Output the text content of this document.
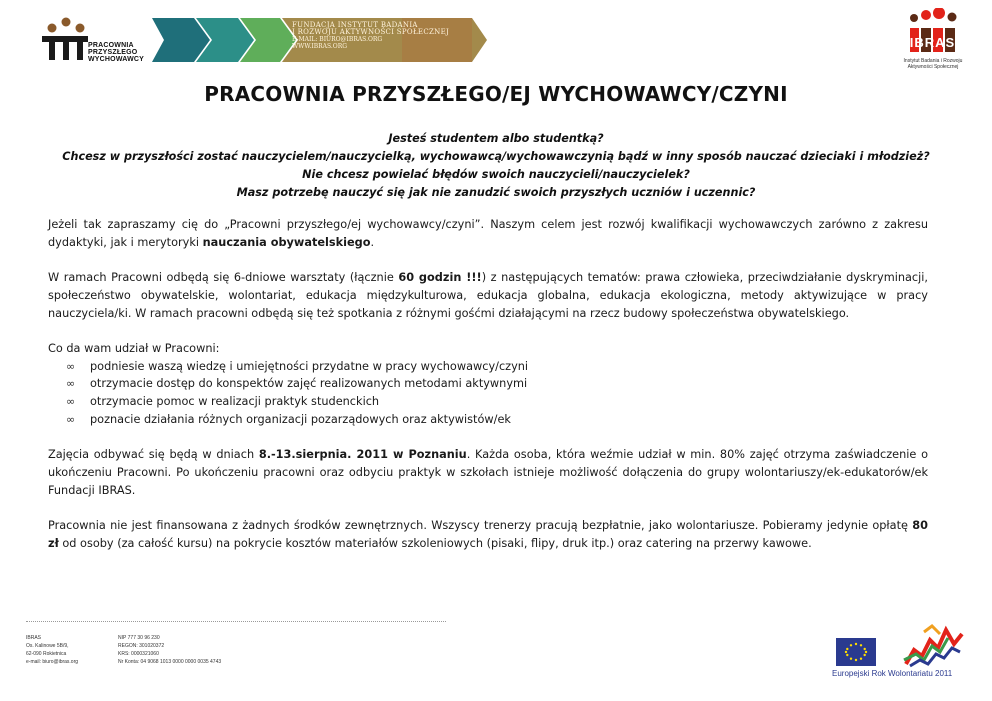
PRACOWNIA
PRZYSZŁEGO
WYCHOWAWCY
FUNDACJA INSTYTUT BADANIA
I ROZWOJU AKTYWNOŚCI SPOŁECZNEJ
E-MAIL: BIURO@IBRAS.ORG
WWW.IBRAS.ORG	IBRAS
Instytut Badania i Rozwoju
Aktywności Społecznej
PRACOWNIA PRZYSZŁEGO/EJ WYCHOWAWCY/CZYNI
Jesteś studentem albo studentką?
Chcesz w przyszłości zostać nauczycielem/nauczycielką, wychowawcą/wychowawczynią bądź w inny sposób nauczać dzieciaki i młodzież?
Nie chcesz powielać błędów swoich nauczycieli/nauczycielek?
Masz potrzebę nauczyć się jak nie zanudzić swoich przyszłych uczniów i uczennic?

Jeżeli tak zapraszamy cię do „Pracowni przyszłego/ej wychowawcy/czyni”. Naszym celem jest rozwój kwalifikacji wychowawczych zarówno z zakresu dydaktyki, jak i merytoryki nauczania obywatelskiego.

W ramach Pracowni odbędą się 6-dniowe warsztaty (łącznie 60 godzin !!!) z następujących tematów: prawa człowieka, przeciwdziałanie dyskryminacji, społeczeństwo obywatelskie, wolontariat, edukacja międzykulturowa, edukacja globalna, edukacja ekologiczna, metody aktywizujące w pracy nauczyciela/ki. W ramach pracowni odbędą się też spotkania z różnymi gośćmi działającymi na rzecz budowy społeczeństwa obywatelskiego.

Co da wam udział w Pracowni:
∞	podniesie waszą wiedzę i umiejętności przydatne w pracy wychowawcy/czyni
∞	otrzymacie dostęp do konspektów zajęć realizowanych metodami aktywnymi
∞	otrzymacie pomoc w realizacji praktyk studenckich
∞	poznacie działania różnych organizacji pozarządowych oraz aktywistów/ek

Zajęcia odbywać się będą w dniach 8.-13.sierpnia. 2011 w Poznaniu. Każda osoba, która weźmie udział w min. 80% zajęć otrzyma zaświadczenie o ukończeniu Pracowni. Po ukończeniu pracowni oraz odbyciu praktyk w szkołach istnieje możliwość dołączenia do grupy wolontariuszy/ek-edukatorów/ek Fundacji IBRAS.

Pracownia nie jest finansowana z żadnych środków zewnętrznych. Wszyscy trenerzy pracują bezpłatnie, jako wolontariusze. Pobieramy jedynie opłatę 80 zł od osoby (za całość kursu) na pokrycie kosztów materiałów szkoleniowych (pisaki, flipy, druk itp.) oraz catering na przerwy kawowe.

IBRAS
Os. Kalinowe 5B/9,
62-090 Rokietnica
e-mail: biuro@ibras.org
NIP 777 30 96 230
REGON: 301020372
KRS: 0000321060
Nr Konta: 04 9068 1013 0000 0000 0035 4743
Europejski Rok Wolontariatu 2011
